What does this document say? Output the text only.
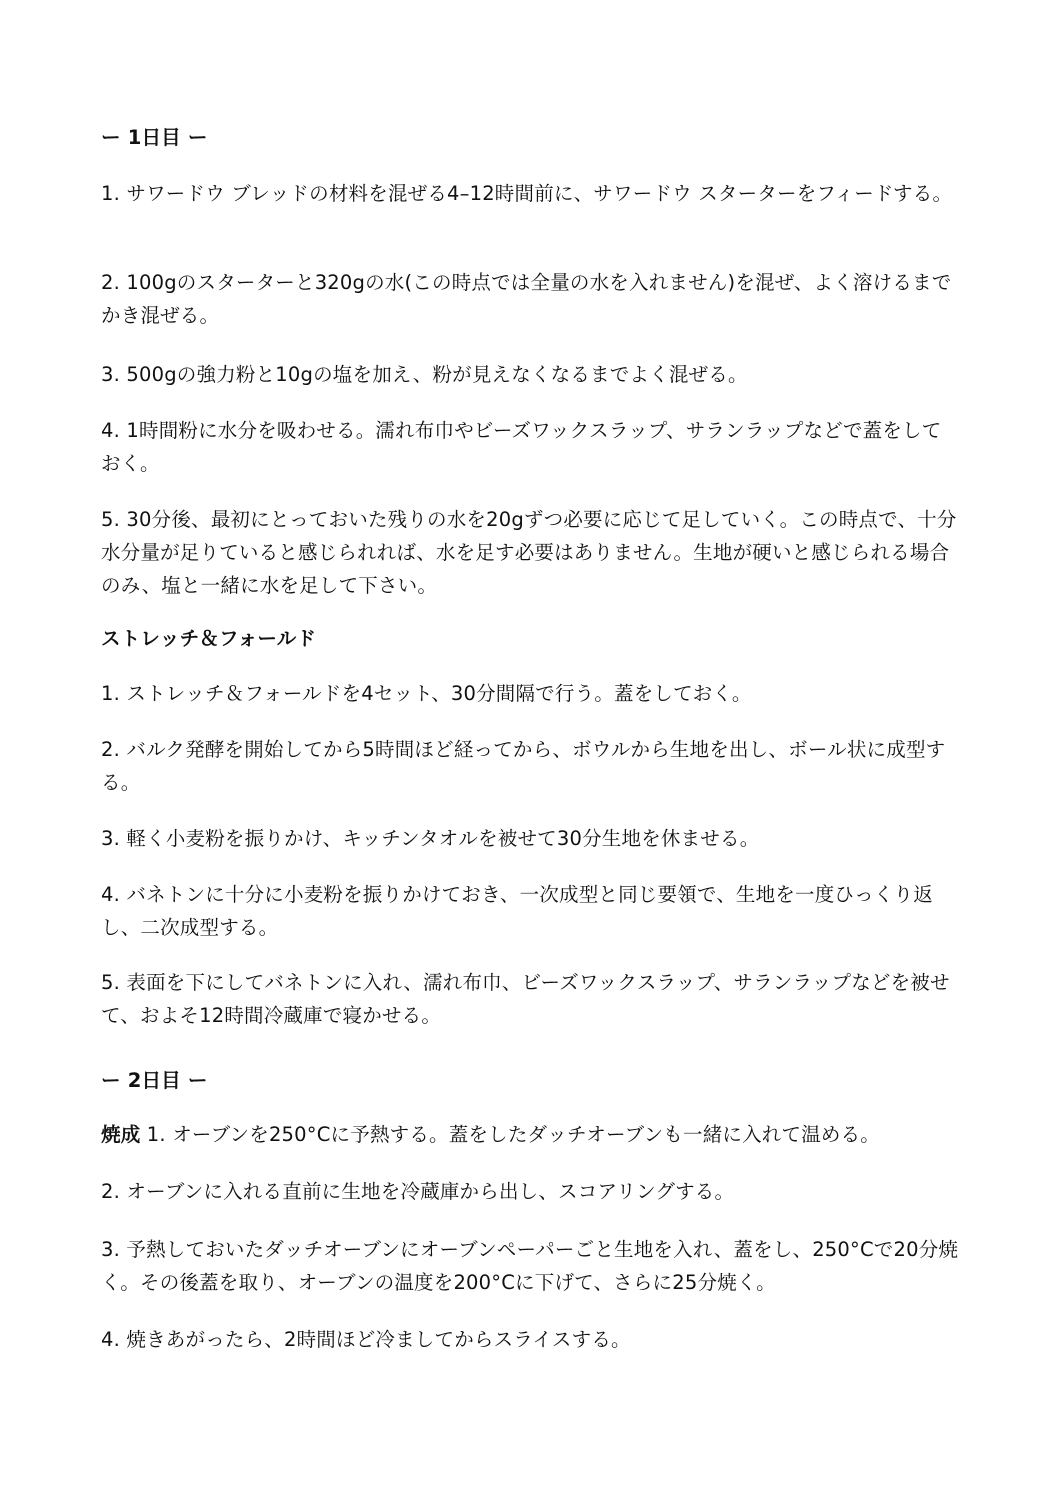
ー 1日目 ー

1. サワードウ ブレッドの材料を混ぜる4–12時間前に、サワードウ スターターをフィードする。

2. 100gのスターターと320gの水(この時点では全量の水を入れません)を混ぜ、よく溶けるまでかき混ぜる。

3. 500gの強力粉と10gの塩を加え、粉が見えなくなるまでよく混ぜる。

4. 1時間粉に水分を吸わせる。濡れ布巾やビーズワックスラップ、サランラップなどで蓋をしておく。

5. 30分後、最初にとっておいた残りの水を20gずつ必要に応じて足していく。この時点で、十分水分量が足りていると感じられれば、水を足す必要はありません。生地が硬いと感じられる場合のみ、塩と一緒に水を足して下さい。

ストレッチ＆フォールド

1. ストレッチ＆フォールドを4セット、30分間隔で行う。蓋をしておく。

2. バルク発酵を開始してから5時間ほど経ってから、ボウルから生地を出し、ボール状に成型する。

3. 軽く小麦粉を振りかけ、キッチンタオルを被せて30分生地を休ませる。

4. バネトンに十分に小麦粉を振りかけておき、一次成型と同じ要領で、生地を一度ひっくり返し、二次成型する。

5. 表面を下にしてバネトンに入れ、濡れ布巾、ビーズワックスラップ、サランラップなどを被せて、およそ12時間冷蔵庫で寝かせる。

ー 2日目 ー

焼成 1. オーブンを250°Cに予熱する。蓋をしたダッチオーブンも一緒に入れて温める。

2. オーブンに入れる直前に生地を冷蔵庫から出し、スコアリングする。

3. 予熱しておいたダッチオーブンにオーブンペーパーごと生地を入れ、蓋をし、250°Cで20分焼く。その後蓋を取り、オーブンの温度を200°Cに下げて、さらに25分焼く。

4. 焼きあがったら、2時間ほど冷ましてからスライスする。
